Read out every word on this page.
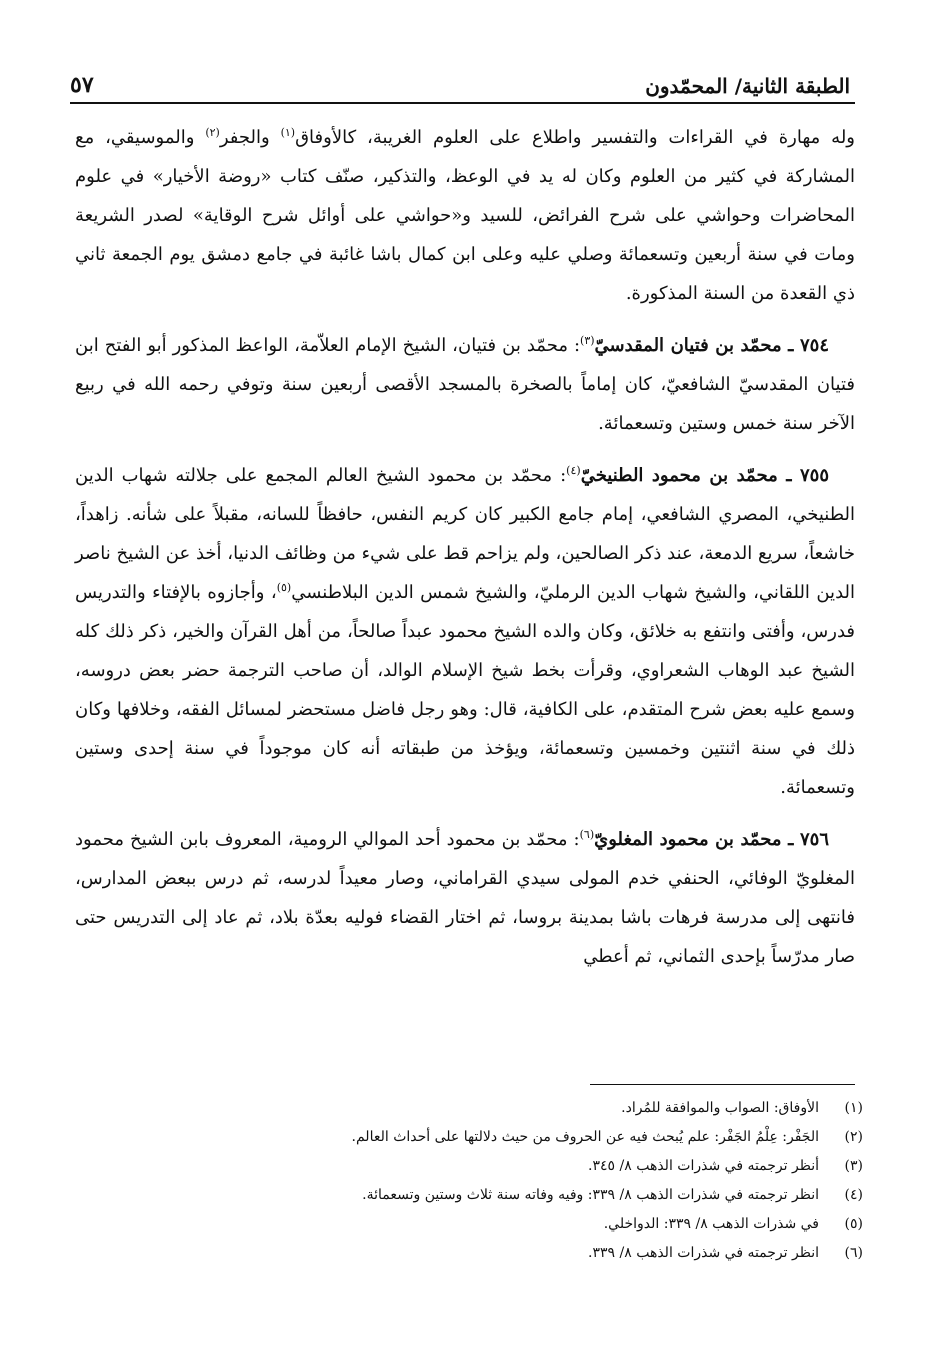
٥٧	الطبقة الثانية/ المحمّدون

وله مهارة في القراءات والتفسير واطلاع على العلوم الغريبة، كالأوفاق$^{(١)}$ والجفر$^{(٢)}$ والموسيقي، مع المشاركة في كثير من العلوم وكان له يد في الوعظ، والتذكير، صنّف كتاب «روضة الأخيار» في علوم المحاضرات وحواشي على شرح الفرائض، للسيد و«حواشي على أوائل شرح الوقاية» لصدر الشريعة ومات في سنة أربعين وتسعمائة وصلي عليه وعلى ابن كمال باشا غائبة في جامع دمشق يوم الجمعة ثاني ذي القعدة من السنة المذكورة.

٧٥٤ ـ محمّد بن فتيان المقدسيّ$^{(٣)}$: محمّد بن فتيان، الشيخ الإمام العلاّمة، الواعظ المذكور أبو الفتح ابن فتيان المقدسيّ الشافعيّ، كان إماماً بالصخرة بالمسجد الأقصى أربعين سنة وتوفي رحمه الله في ربيع الآخر سنة خمس وستين وتسعمائة.

٧٥٥ ـ محمّد بن محمود الطنيخيّ$^{(٤)}$: محمّد بن محمود الشيخ العالم المجمع على جلالته شهاب الدين الطنيخي، المصري الشافعي، إمام جامع الكبير كان كريم النفس، حافظاً للسانه، مقبلاً على شأنه. زاهداً، خاشعاً، سريع الدمعة، عند ذكر الصالحين، ولم يزاحم قط على شيء من وظائف الدنيا، أخذ عن الشيخ ناصر الدين اللقاني، والشيخ شهاب الدين الرمليّ، والشيخ شمس الدين البلاطنسي$^{(٥)}$، وأجازوه بالإفتاء والتدريس فدرس، وأفتى وانتفع به خلائق، وكان والده الشيخ محمود عبداً صالحاً، من أهل القرآن والخير، ذكر ذلك كله الشيخ عبد الوهاب الشعراوي، وقرأت بخط شيخ الإسلام الوالد، أن صاحب الترجمة حضر بعض دروسه، وسمع عليه بعض شرح المتقدم، على الكافية، قال: وهو رجل فاضل مستحضر لمسائل الفقه، وخلافها وكان ذلك في سنة اثنتين وخمسين وتسعمائة، ويؤخذ من طبقاته أنه كان موجوداً في سنة إحدى وستين وتسعمائة.

٧٥٦ ـ محمّد بن محمود المغلويّ$^{(٦)}$: محمّد بن محمود أحد الموالي الرومية، المعروف بابن الشيخ محمود المغلويّ الوفائي، الحنفي خدم المولى سيدي القراماني، وصار معيداً لدرسه، ثم درس ببعض المدارس، فانتهى إلى مدرسة فرهات باشا بمدينة بروسا، ثم اختار القضاء فوليه بعدّة بلاد، ثم عاد إلى التدريس حتى صار مدرّساً بإحدى الثماني، ثم أعطي

(١)
الأوفاق: الصواب والموافقة للمُراد.
(٢)
الجَفْر: عِلْمُ الجَفْر: علم يُبحث فيه عن الحروف من حيث دلالتها على أحداث العالم.
(٣)
أنظر ترجمته في شذرات الذهب ٨/ ٣٤٥.
(٤)
انظر ترجمته في شذرات الذهب ٨/ ٣٣٩: وفيه وفاته سنة ثلاث وستين وتسعمائة.
(٥)
في شذرات الذهب ٨/ ٣٣٩: الدواخلي.
(٦)
انظر ترجمته في شذرات الذهب ٨/ ٣٣٩.
